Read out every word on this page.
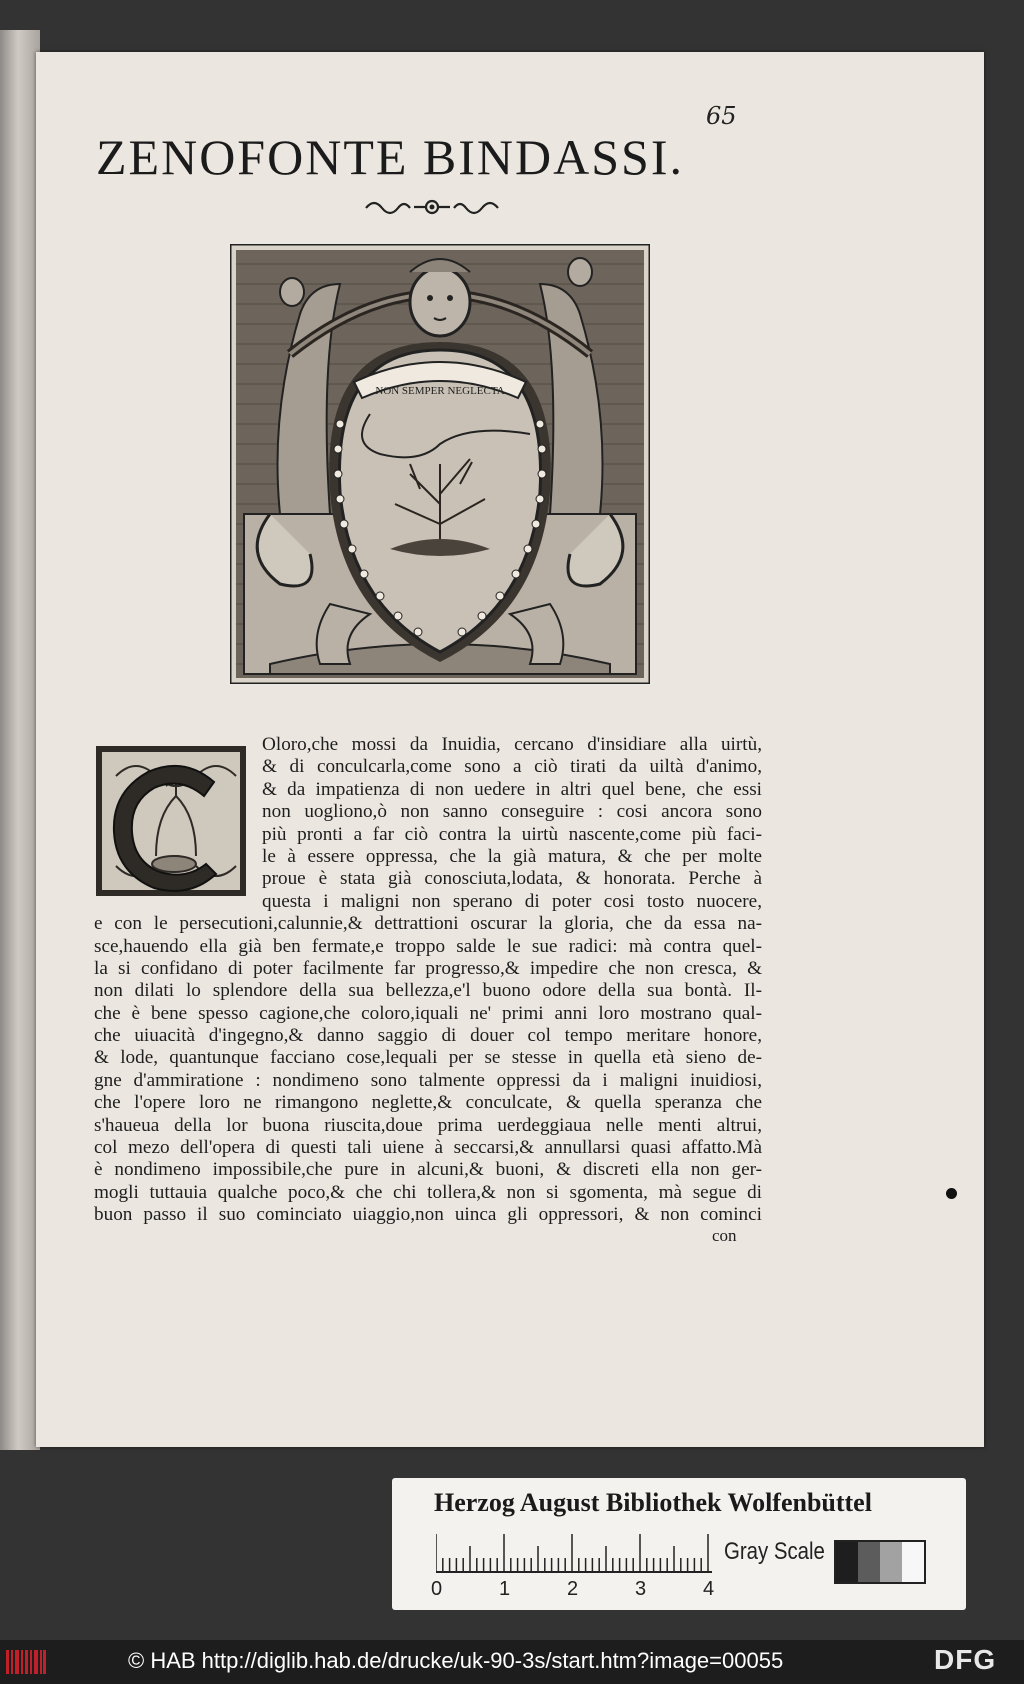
65
ZENOFONTE BINDASSI.
NON SEMPER NEGLECTA
Oloro,che mossi da Inuidia, cercano d'insidiare alla uirtù,
& di conculcarla,come sono a ciò tirati da uiltà d'animo,
& da impatienza di non uedere in altri quel bene, che essi
non uogliono,ò non sanno conseguire : cosi ancora sono
più pronti a far ciò contra la uirtù nascente,come più faci-
le à essere oppressa, che la già matura, & che per molte
proue è stata già conosciuta,lodata, & honorata. Perche à
questa i maligni non sperano di poter cosi tosto nuocere,
e con le persecutioni,calunnie,& dettrattioni oscurar la gloria, che da essa na-
sce,hauendo ella già ben fermate,e troppo salde le sue radici: mà contra quel-
la si confidano di poter facilmente far progresso,& impedire che non cresca, &
non dilati lo splendore della sua bellezza,e'l buono odore della sua bontà. Il-
che è bene spesso cagione,che coloro,iquali ne' primi anni loro mostrano qual-
che uiuacità d'ingegno,& danno saggio di douer col tempo meritare honore,
& lode, quantunque facciano cose,lequali per se stesse in quella età sieno de-
gne d'ammiratione : nondimeno sono talmente oppressi da i maligni inuidiosi,
che l'opere loro ne rimangono neglette,& conculcate, & quella speranza che
s'haueua della lor buona riuscita,doue prima uerdeggiaua nelle menti altrui,
col mezo dell'opera di questi tali uiene à seccarsi,& annullarsi quasi affatto.Mà
è nondimeno impossibile,che pure in alcuni,& buoni, & discreti ella non ger-
mogli tuttauia qualche poco,& che chi tollera,& non si sgomenta, mà segue di
buon passo il suo cominciato uiaggio,non uinca gli oppressori, & non cominci
con
Herzog August Bibliothek Wolfenbüttel
0	1	2	3	4
Gray Scale
© HAB http://diglib.hab.de/drucke/uk-90-3s/start.htm?image=00055	DFG
